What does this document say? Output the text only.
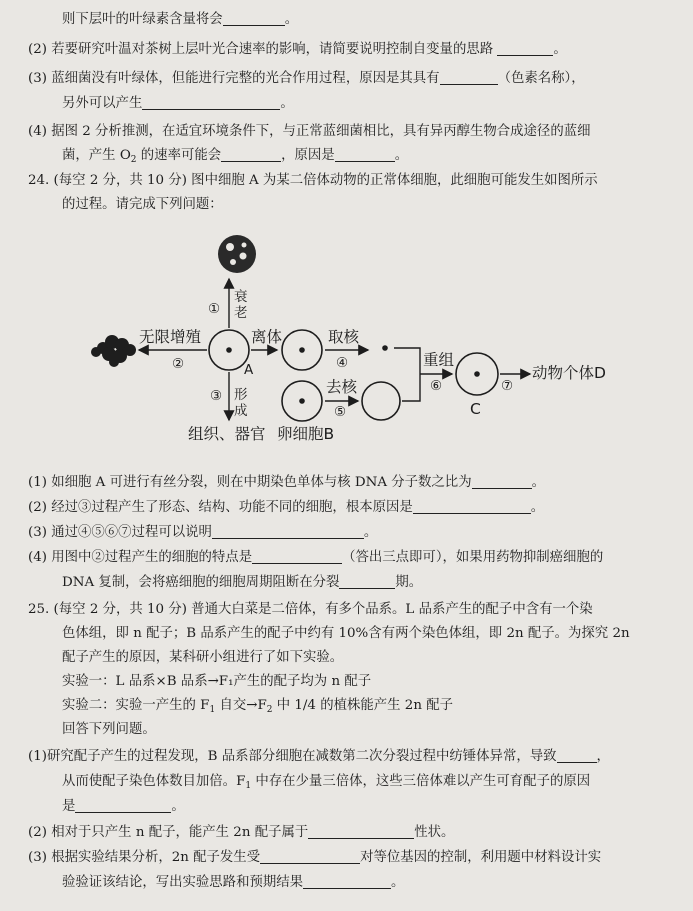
则下层叶的叶绿素含量将会	。
(2) 若要研究叶温对茶树上层叶光合速率的影响，请简要说明控制自变量的思路	。
(3) 蓝细菌没有叶绿体，但能进行完整的光合作用过程，原因是其具有	（色素名称），
另外可以产生	。
(4) 据图 2 分析推测，在适宜环境条件下，与正常蓝细菌相比，具有异丙醇生物合成途径的蓝细
菌，产生 $O_2$ 的速率可能会	，原因是	。
24. (每空 2 分，共 10 分) 图中细胞 A 为某二倍体动物的正常体细胞，此细胞可能发生如图所示
的过程。请完成下列问题：
①
衰
老
无限增殖
②	A
③ 形
成
组织、器官 卵细胞B
离体	取核
④
去核
⑤
重组
⑥	⑦
C
动物个体D
(1) 如细胞 A 可进行有丝分裂，则在中期染色单体与核 DNA 分子数之比为	。
(2) 经过③过程产生了形态、结构、功能不同的细胞，根本原因是	。
(3) 通过④⑤⑥⑦过程可以说明	。
(4) 用图中②过程产生的细胞的特点是	（答出三点即可），如果用药物抑制癌细胞的
DNA 复制，会将癌细胞的细胞周期阻断在分裂	期。
25. (每空 2 分，共 10 分) 普通大白菜是二倍体，有多个品系。L 品系产生的配子中含有一个染
色体组，即 n 配子；B 品系产生的配子中约有 10%含有两个染色体组，即 2n 配子。为探究 2n
配子产生的原因，某科研小组进行了如下实验。
实验一：L 品系×B 品系→F₁产生的配子均为 n 配子
实验二：实验一产生的 $F_1$ 自交$\to F_2$ 中 1/4 的植株能产生 2n 配子
回答下列问题。
(1)研究配子产生的过程发现，B 品系部分细胞在减数第二次分裂过程中纺锤体异常，导致	，
从而使配子染色体数目加倍。$F_1$ 中存在少量三倍体，这些三倍体难以产生可育配子的原因
是	。
(2) 相对于只产生 n 配子，能产生 2n 配子属于	性状。
(3) 根据实验结果分析，2n 配子发生受	对等位基因的控制，利用题中材料设计实
验验证该结论，写出实验思路和预期结果	。
